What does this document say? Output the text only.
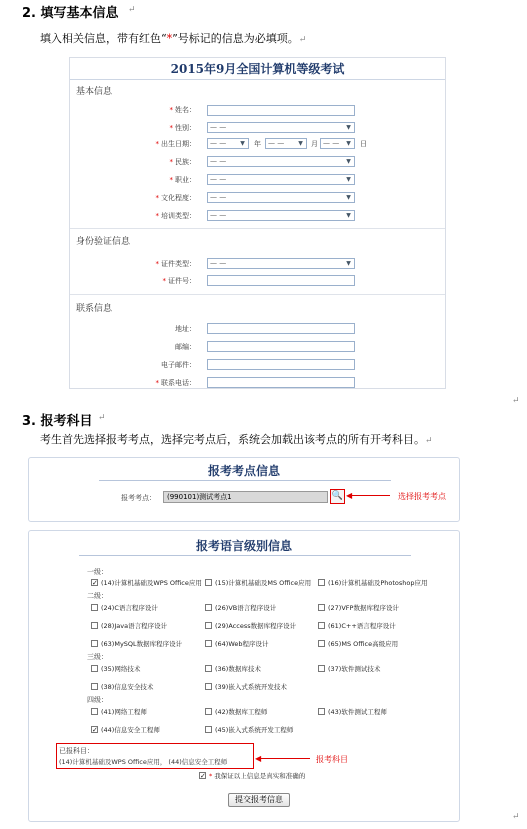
2. 填写基本信息 ↵
填入相关信息，带有红色“*”号标记的信息为必填项。↵
2015年9月全国计算机等级考试
基本信息
* 姓名：
* 性别：	— —	▼
* 出生日期：	— —	▼	年	— —	▼	月 — —	▼	日
* 民族：	— —	▼
* 职业：	— —	▼
* 文化程度：	— —	▼
* 培训类型：	— —	▼
身份验证信息
* 证件类型：	— —	▼
* 证件号：
联系信息
地址：
邮编：
电子邮件：
* 联系电话：
↵
3. 报考科目 ↵
考生首先选择报考考点，选择完考点后，系统会加载出该考点的所有开考科目。↵
报考考点信息
报考考点：	(990101)测试考点1	🔍 ◀	选择报考考点
报考语言级别信息
一级：
✓ (14)计算机基础及WPS Office应用 (15)计算机基础及MS Office应用	(16)计算机基础及Photoshop应用
二级：
(24)C语言程序设计	(26)VB语言程序设计	(27)VFP数据库程序设计
(28)Java语言程序设计	(29)Access数据库程序设计	(61)C++语言程序设计
(63)MySQL数据库程序设计	(64)Web程序设计	(65)MS Office高级应用
三级：
(35)网络技术	(36)数据库技术	(37)软件测试技术
(38)信息安全技术	(39)嵌入式系统开发技术
四级：
(41)网络工程师	(42)数据库工程师	(43)软件测试工程师
✓ (44)信息安全工程师	(45)嵌入式系统开发工程师
已报科目：
(14)计算机基础及WPS Office应用， (44)信息安全工程师
✓ * 我保证以上信息是真实和准确的
◀	报考科目
提交报考信息
↵
